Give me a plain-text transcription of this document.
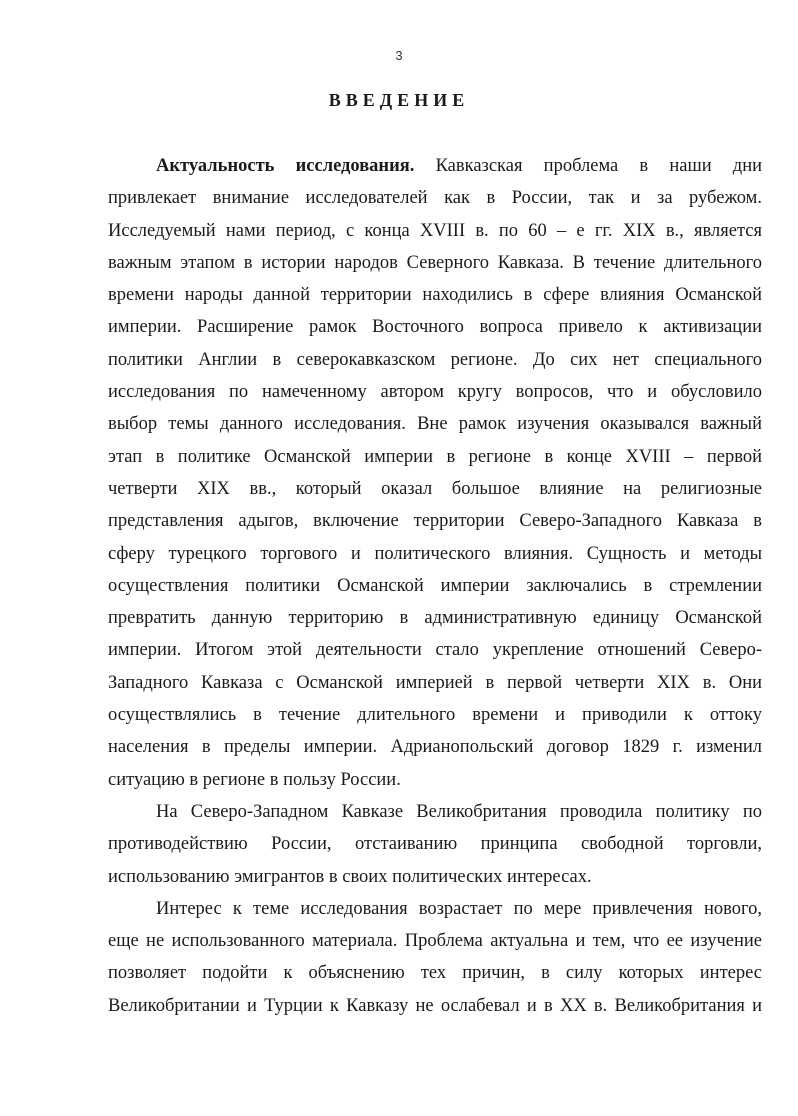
3
ВВЕДЕНИЕ
Актуальность исследования. Кавказская проблема в наши дни
привлекает внимание исследователей как в России, так и за рубежом.
Исследуемый нами период, с конца XVIII в. по 60 – е гг. XIX в., является
важным этапом в истории народов Северного Кавказа. В течение длительного
времени народы данной территории находились в сфере влияния Османской
империи. Расширение рамок Восточного вопроса привело к активизации
политики Англии в северокавказском регионе. До сих нет специального
исследования по намеченному автором кругу вопросов, что и обусловило
выбор темы данного исследования. Вне рамок изучения оказывался важный
этап в политике Османской империи в регионе в конце XVIII – первой
четверти XIX вв., который оказал большое влияние на религиозные
представления адыгов, включение территории Северо-Западного Кавказа в
сферу турецкого торгового и политического влияния. Сущность и методы
осуществления политики Османской империи заключались в стремлении
превратить данную территорию в административную единицу Османской
империи. Итогом этой деятельности стало укрепление отношений Северо-
Западного Кавказа с Османской империей в первой четверти XIX в. Они
осуществлялись в течение длительного времени и приводили к оттоку
населения в пределы империи. Адрианопольский договор 1829 г. изменил
ситуацию в регионе в пользу России.
На Северо-Западном Кавказе Великобритания проводила политику по
противодействию России, отстаиванию принципа свободной торговли,
использованию эмигрантов в своих политических интересах.
Интерес к теме исследования возрастает по мере привлечения нового,
еще не использованного материала. Проблема актуальна и тем, что ее изучение
позволяет подойти к объяснению тех причин, в силу которых интерес
Великобритании и Турции к Кавказу не ослабевал и в XX в. Великобритания и
